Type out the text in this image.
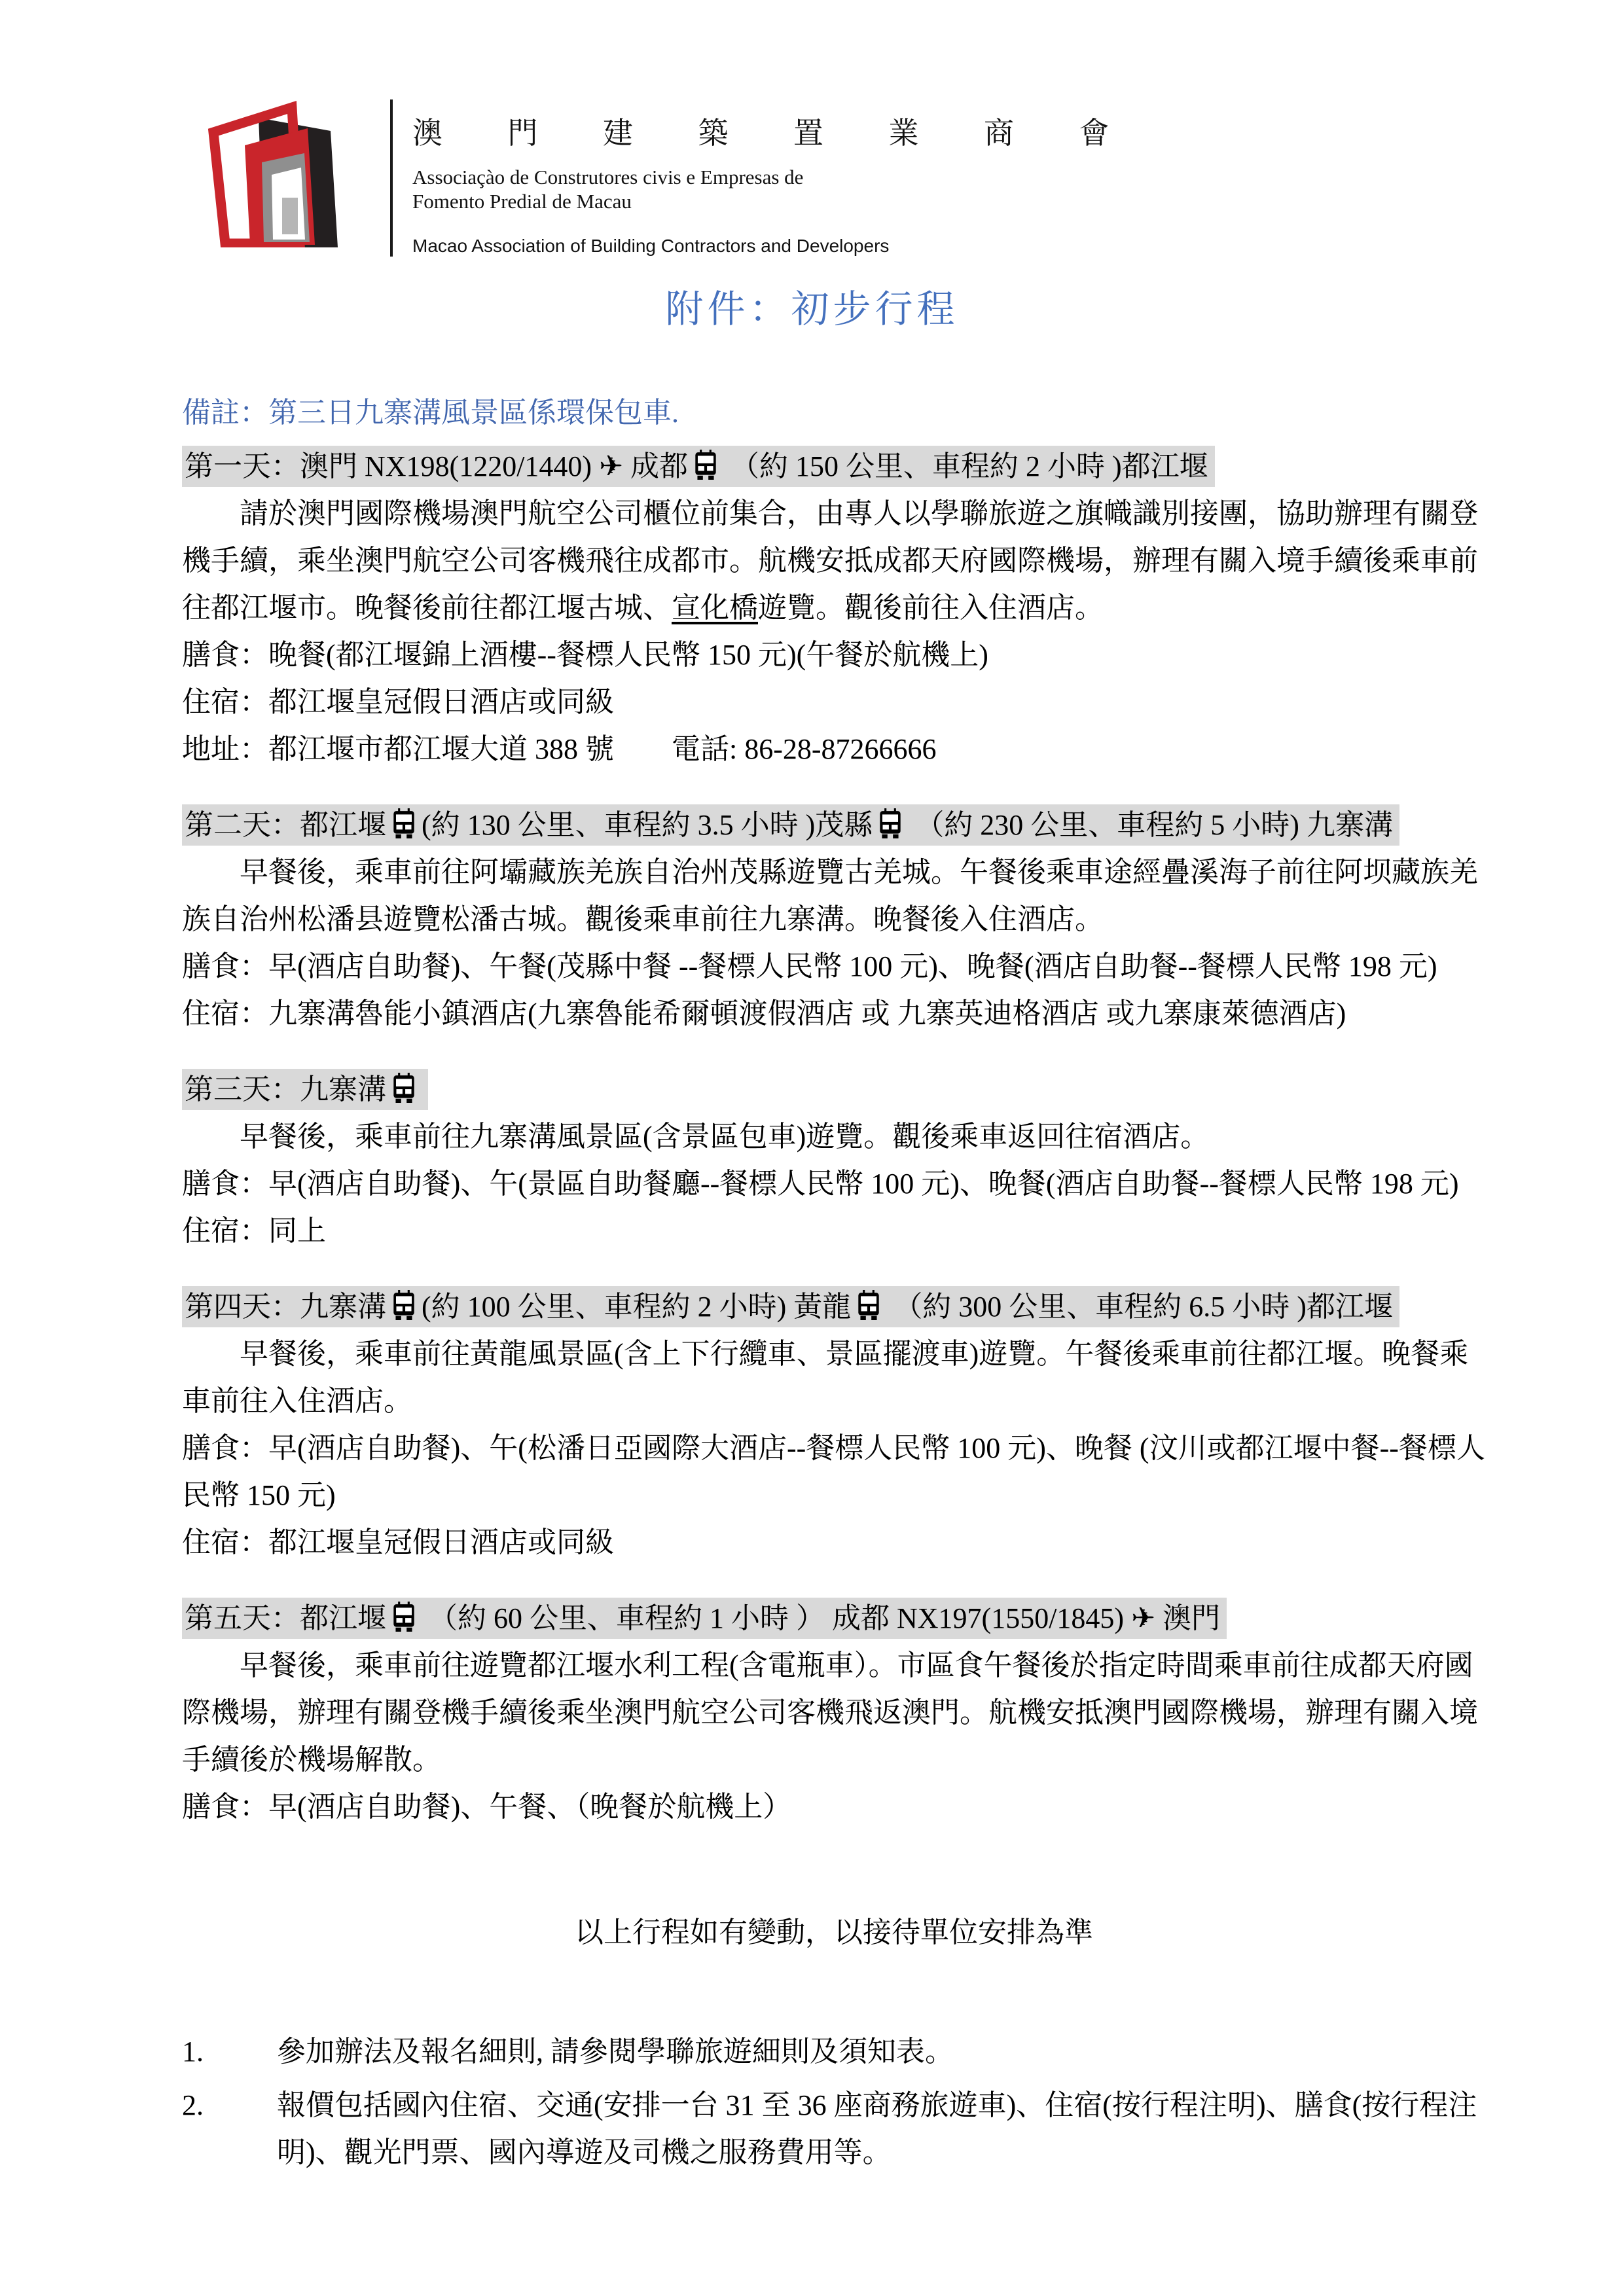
澳 門 建 築 置 業 商 會
Associaçào de Construtores civis e Empresas de
Fomento Predial de Macau
Macao Association of Building Contractors and Developers
附件：初步行程

備註：第三日九寨溝風景區係環保包車.

第一天：澳門 NX198(1220/1440) ✈ 成都 （約 150 公里、車程約 2 小時 )都江堰

請於澳門國際機場澳門航空公司櫃位前集合，由專人以學聯旅遊之旗幟識別接團，協助辦理有關登機手續，乘坐澳門航空公司客機飛往成都市。航機安抵成都天府國際機場，辦理有關入境手續後乘車前往都江堰市。晚餐後前往都江堰古城、宣化橋遊覽。觀後前往入住酒店。

膳食：晚餐(都江堰錦上酒樓--餐標人民幣 150 元)(午餐於航機上)

住宿：都江堰皇冠假日酒店或同級

地址：都江堰市都江堰大道 388 號　　電話: 86-28-87266666

第二天：都江堰 (約 130 公里、車程約 3.5 小時 )茂縣 （約 230 公里、車程約 5 小時) 九寨溝

早餐後，乘車前往阿壩藏族羌族自治州茂縣遊覽古羌城。午餐後乘車途經疊溪海子前往阿坝藏族羌族自治州松潘县遊覽松潘古城。觀後乘車前往九寨溝。晚餐後入住酒店。

膳食：早(酒店自助餐)、午餐(茂縣中餐 --餐標人民幣 100 元)、晚餐(酒店自助餐--餐標人民幣 198 元)

住宿：九寨溝魯能小鎮酒店(九寨魯能希爾頓渡假酒店 或 九寨英迪格酒店 或九寨康萊德酒店)

第三天：九寨溝

早餐後，乘車前往九寨溝風景區(含景區包車)遊覽。觀後乘車返回往宿酒店。

膳食：早(酒店自助餐)、午(景區自助餐廳--餐標人民幣 100 元)、晚餐(酒店自助餐--餐標人民幣 198 元)

住宿：同上

第四天：九寨溝 (約 100 公里、車程約 2 小時) 黃龍 （約 300 公里、車程約 6.5 小時 )都江堰

早餐後，乘車前往黃龍風景區(含上下行纜車、景區擺渡車)遊覽。午餐後乘車前往都江堰。晚餐乘車前往入住酒店。

膳食：早(酒店自助餐)、午(松潘日亞國際大酒店--餐標人民幣 100 元)、晚餐 (汶川或都江堰中餐--餐標人民幣 150 元)

住宿：都江堰皇冠假日酒店或同級

第五天：都江堰 （約 60 公里、車程約 1 小時 ） 成都 NX197(1550/1845) ✈ 澳門

早餐後，乘車前往遊覽都江堰水利工程(含電瓶車）。市區食午餐後於指定時間乘車前往成都天府國際機場，辦理有關登機手續後乘坐澳門航空公司客機飛返澳門。航機安抵澳門國際機場，辦理有關入境手續後於機場解散。

膳食：早(酒店自助餐)、午餐、（晚餐於航機上）

以上行程如有變動，以接待單位安排為準

1.	參加辦法及報名細則, 請參閱學聯旅遊細則及須知表。
2.	報價包括國內住宿、交通(安排一台 31 至 36 座商務旅遊車)、住宿(按行程注明)、膳食(按行程注明)、觀光門票、國內導遊及司機之服務費用等。
